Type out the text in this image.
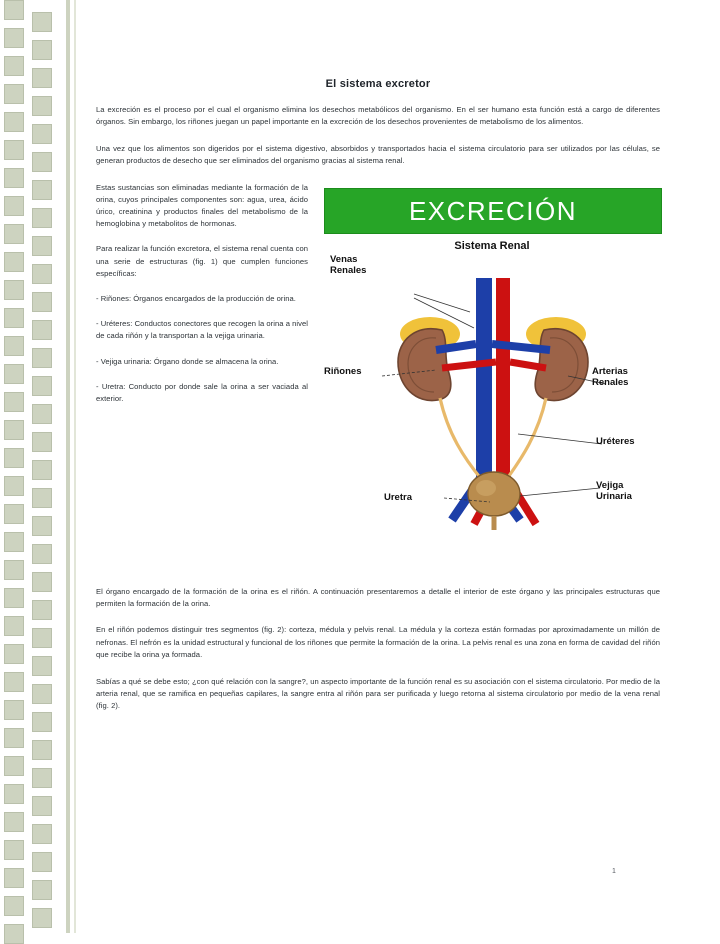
El sistema excretor

La excreción es el proceso por el cual el organismo elimina los desechos metabólicos del organismo. En el ser humano esta función está a cargo de diferentes órganos. Sin embargo, los riñones juegan un papel importante en la excreción de los desechos provenientes de metabolismo de los alimentos.

Una vez que los alimentos son digeridos por el sistema digestivo, absorbidos y transportados hacia el sistema circulatorio para ser utilizados por las células, se generan productos de desecho que ser eliminados del organismo gracias al sistema renal.

Estas sustancias son eliminadas mediante la formación de la orina, cuyos principales componentes son: agua, urea, ácido úrico, creatinina y productos finales del metabolismo de la hemoglobina y metabolitos de hormonas.

Para realizar la función excretora, el sistema renal cuenta con una serie de estructuras (fig. 1) que cumplen funciones específicas:

- Riñones: Órganos encargados de la producción de orina.

- Uréteres: Conductos conectores que recogen la orina a nivel de cada riñón y la transportan a la vejiga urinaria.

- Vejiga urinaria: Órgano donde se almacena la orina.

- Uretra: Conducto por donde sale la orina a ser vaciada al exterior.

EXCRECIÓN
Sistema Renal
Venas
Renales
Riñones	Arterias
Renales
Uréteres
Vejiga
Urinaria
Uretra

El órgano encargado de la formación de la orina es el riñón. A continuación presentaremos a detalle el interior de este órgano y las principales estructuras que permiten la formación de la orina.

En el riñón podemos distinguir tres segmentos (fig. 2): corteza, médula y pelvis renal. La médula y la corteza están formadas por aproximadamente un millón de nefronas. El nefrón es la unidad estructural y funcional de los riñones que permite la formación de la orina. La pelvis renal es una zona en forma de cavidad del riñón que recibe la orina ya formada.

Sabías a qué se debe esto; ¿con qué relación con la sangre?, un aspecto importante de la función renal es su asociación con el sistema circulatorio. Por medio de la arteria renal, que se ramifica en pequeñas capilares, la sangre entra al riñón para ser purificada y luego retorna al sistema circulatorio por medio de la vena renal (fig. 2).

1
